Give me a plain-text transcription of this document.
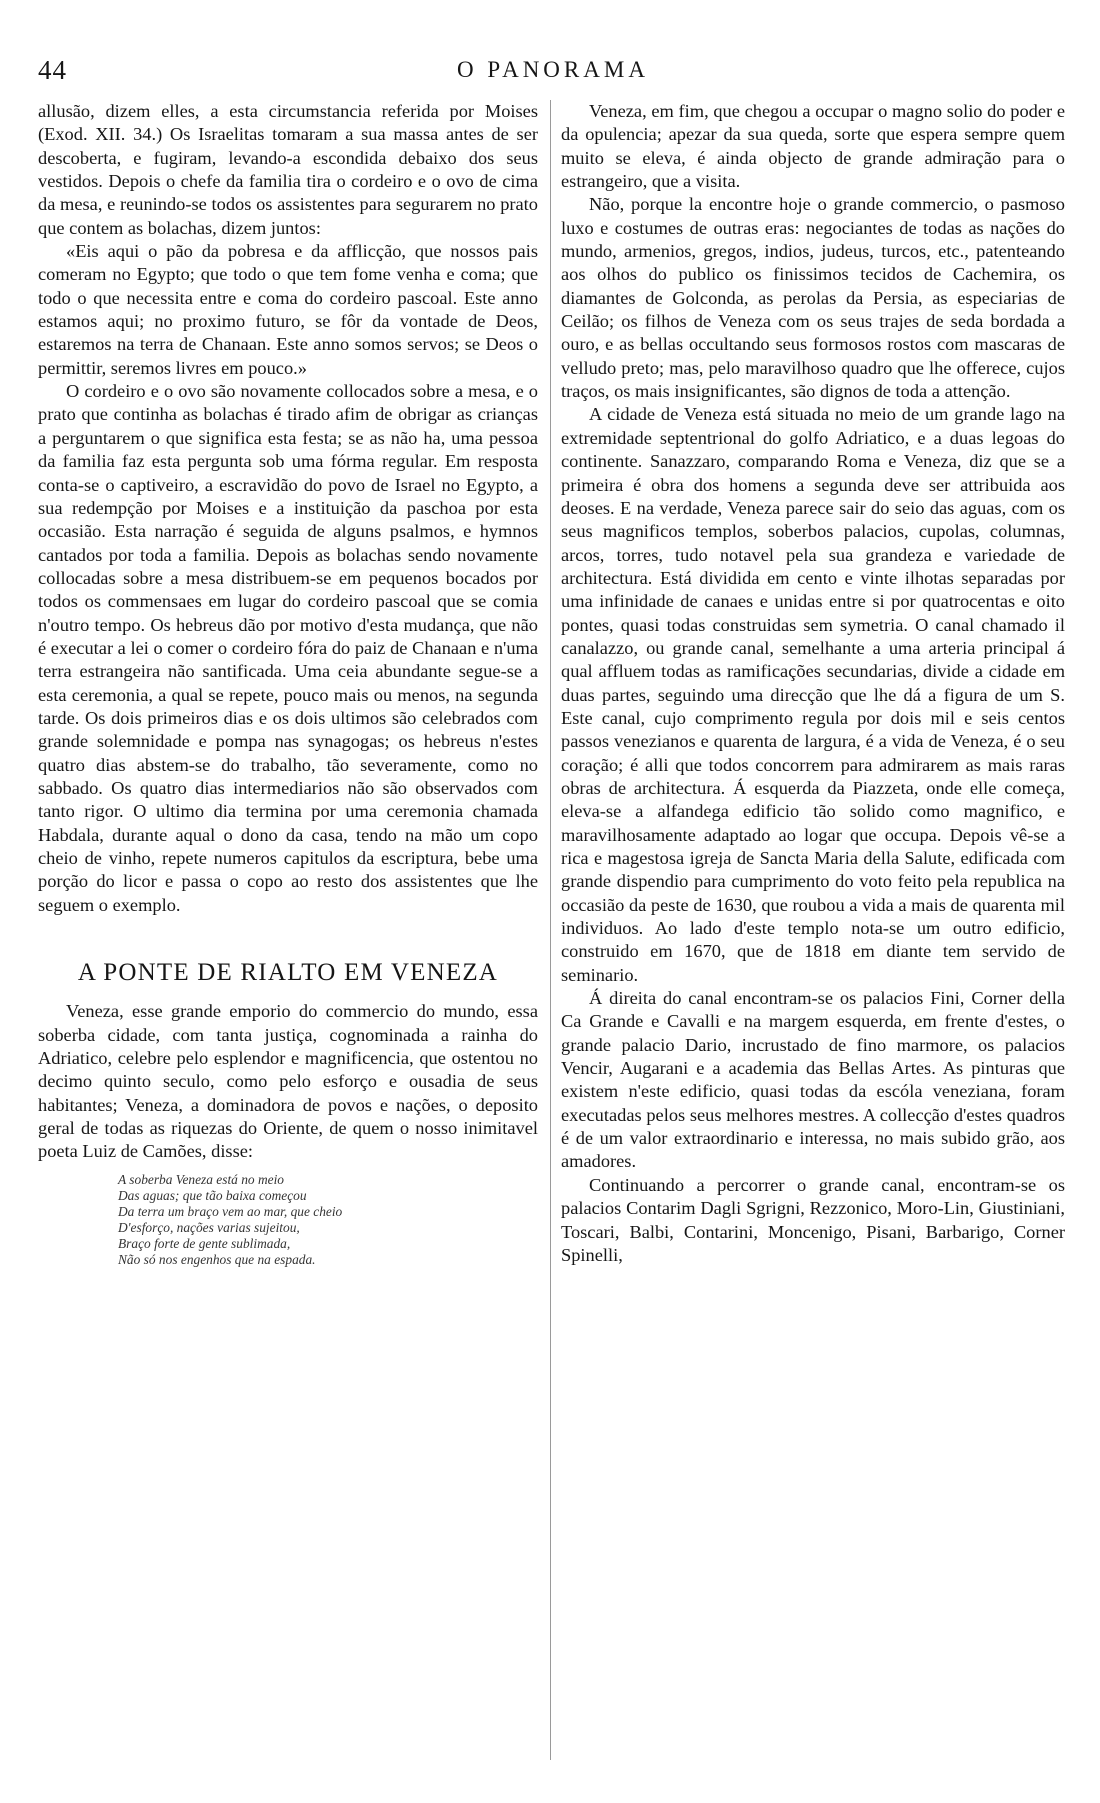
44	O PANORAMA

allusão, dizem elles, a esta circumstancia referida por Moises (Exod. XII. 34.) Os Israelitas tomaram a sua massa antes de ser descoberta, e fugiram, levando-a escondida debaixo dos seus vestidos. Depois o chefe da familia tira o cordeiro e o ovo de cima da mesa, e reunindo-se todos os assistentes para segurarem no prato que contem as bolachas, dizem juntos:

«Eis aqui o pão da pobresa e da afflicção, que nossos pais comeram no Egypto; que todo o que tem fome venha e coma; que todo o que necessita entre e coma do cordeiro pascoal. Este anno estamos aqui; no proximo futuro, se fôr da vontade de Deos, estaremos na terra de Chanaan. Este anno somos servos; se Deos o permittir, seremos livres em pouco.»

O cordeiro e o ovo são novamente collocados sobre a mesa, e o prato que continha as bolachas é tirado afim de obrigar as crianças a perguntarem o que significa esta festa; se as não ha, uma pessoa da familia faz esta pergunta sob uma fórma regular. Em resposta conta-se o captiveiro, a escravidão do povo de Israel no Egypto, a sua redempção por Moises e a instituição da paschoa por esta occasião. Esta narração é seguida de alguns psalmos, e hymnos cantados por toda a familia. Depois as bolachas sendo novamente collocadas sobre a mesa distribuem-se em pequenos bocados por todos os commensaes em lugar do cordeiro pascoal que se comia n'outro tempo. Os hebreus dão por motivo d'esta mudança, que não é executar a lei o comer o cordeiro fóra do paiz de Chanaan e n'uma terra estrangeira não santificada. Uma ceia abundante segue-se a esta ceremonia, a qual se repete, pouco mais ou menos, na segunda tarde. Os dois primeiros dias e os dois ultimos são celebrados com grande solemnidade e pompa nas synagogas; os hebreus n'estes quatro dias abstem-se do trabalho, tão severamente, como no sabbado. Os quatro dias intermediarios não são observados com tanto rigor. O ultimo dia termina por uma ceremonia chamada Habdala, durante aqual o dono da casa, tendo na mão um copo cheio de vinho, repete numeros capitulos da escriptura, bebe uma porção do licor e passa o copo ao resto dos assistentes que lhe seguem o exemplo.

A PONTE DE RIALTO EM VENEZA

Veneza, esse grande emporio do commercio do mundo, essa soberba cidade, com tanta justiça, cognominada a rainha do Adriatico, celebre pelo esplendor e magnificencia, que ostentou no decimo quinto seculo, como pelo esforço e ousadia de seus habitantes; Veneza, a dominadora de povos e nações, o deposito geral de todas as riquezas do Oriente, de quem o nosso inimitavel poeta Luiz de Camões, disse:

A soberba Veneza está no meio
Das aguas; que tão baixa começou
Da terra um braço vem ao mar, que cheio
D'esforço, nações varias sujeitou,
Braço forte de gente sublimada,
Não só nos engenhos que na espada.

Veneza, em fim, que chegou a occupar o magno solio do poder e da opulencia; apezar da sua queda, sorte que espera sempre quem muito se eleva, é ainda objecto de grande admiração para o estrangeiro, que a visita.

Não, porque la encontre hoje o grande commercio, o pasmoso luxo e costumes de outras eras: negociantes de todas as nações do mundo, armenios, gregos, indios, judeus, turcos, etc., patenteando aos olhos do publico os finissimos tecidos de Cachemira, os diamantes de Golconda, as perolas da Persia, as especiarias de Ceilão; os filhos de Veneza com os seus trajes de seda bordada a ouro, e as bellas occultando seus formosos rostos com mascaras de velludo preto; mas, pelo maravilhoso quadro que lhe offerece, cujos traços, os mais insignificantes, são dignos de toda a attenção.

A cidade de Veneza está situada no meio de um grande lago na extremidade septentrional do golfo Adriatico, e a duas legoas do continente. Sanazzaro, comparando Roma e Veneza, diz que se a primeira é obra dos homens a segunda deve ser attribuida aos deoses. E na verdade, Veneza parece sair do seio das aguas, com os seus magnificos templos, soberbos palacios, cupolas, columnas, arcos, torres, tudo notavel pela sua grandeza e variedade de architectura. Está dividida em cento e vinte ilhotas separadas por uma infinidade de canaes e unidas entre si por quatrocentas e oito pontes, quasi todas construidas sem symetria. O canal chamado il canalazzo, ou grande canal, semelhante a uma arteria principal á qual affluem todas as ramificações secundarias, divide a cidade em duas partes, seguindo uma direcção que lhe dá a figura de um S. Este canal, cujo comprimento regula por dois mil e seis centos passos venezianos e quarenta de largura, é a vida de Veneza, é o seu coração; é alli que todos concorrem para admirarem as mais raras obras de architectura. Á esquerda da Piazzeta, onde elle começa, eleva-se a alfandega edificio tão solido como magnifico, e maravilhosamente adaptado ao logar que occupa. Depois vê-se a rica e magestosa igreja de Sancta Maria della Salute, edificada com grande dispendio para cumprimento do voto feito pela republica na occasião da peste de 1630, que roubou a vida a mais de quarenta mil individuos. Ao lado d'este templo nota-se um outro edificio, construido em 1670, que de 1818 em diante tem servido de seminario.

Á direita do canal encontram-se os palacios Fini, Corner della Ca Grande e Cavalli e na margem esquerda, em frente d'estes, o grande palacio Dario, incrustado de fino marmore, os palacios Vencir, Augarani e a academia das Bellas Artes. As pinturas que existem n'este edificio, quasi todas da escóla veneziana, foram executadas pelos seus melhores mestres. A collecção d'estes quadros é de um valor extraordinario e interessa, no mais subido grão, aos amadores.

Continuando a percorrer o grande canal, encontram-se os palacios Contarim Dagli Sgrigni, Rezzonico, Moro-Lin, Giustiniani, Toscari, Balbi, Contarini, Moncenigo, Pisani, Barbarigo, Corner Spinelli,
